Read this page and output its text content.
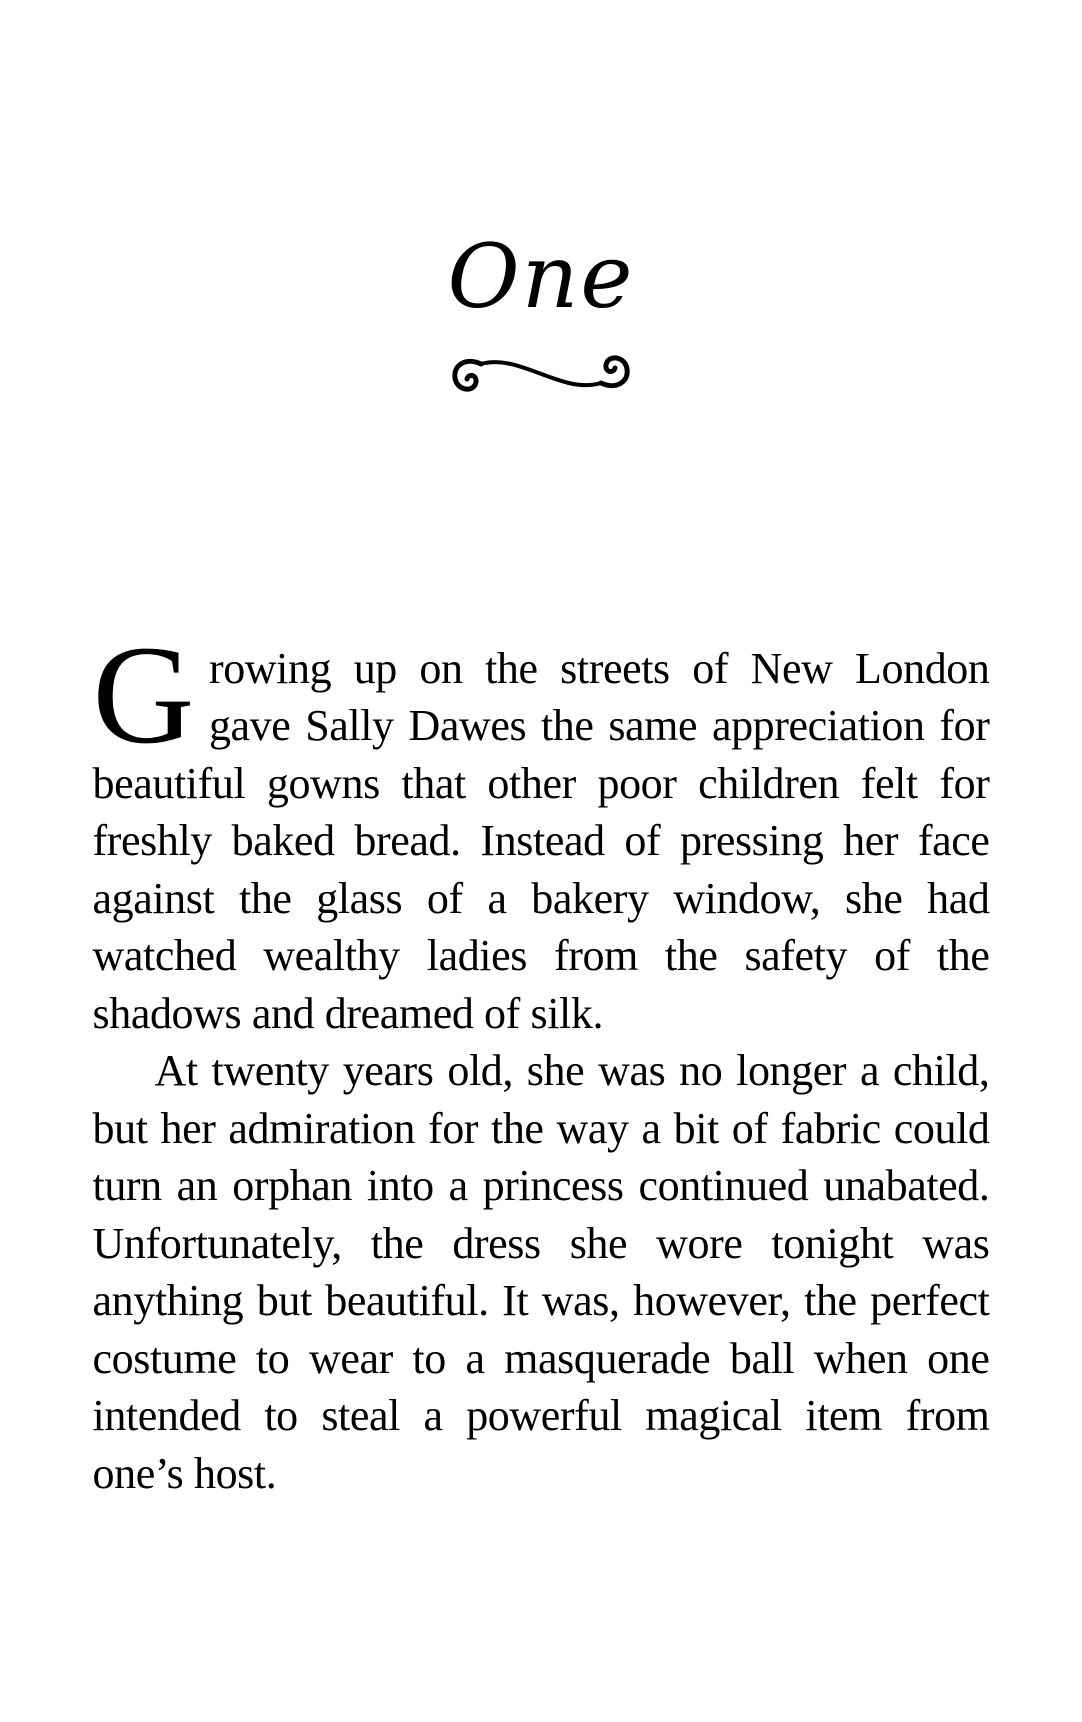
One

Growing up on the streets of New London gave Sally Dawes the same appreciation for beautiful gowns that other poor children felt for freshly baked bread. Instead of pressing her face against the glass of a bakery window, she had watched wealthy ladies from the safety of the shadows and dreamed of silk.

At twenty years old, she was no longer a child, but her admiration for the way a bit of fabric could turn an orphan into a princess continued unabated. Unfortunately, the dress she wore tonight was anything but beautiful. It was, however, the perfect costume to wear to a masquerade ball when one intended to steal a powerful magical item from one’s host.
